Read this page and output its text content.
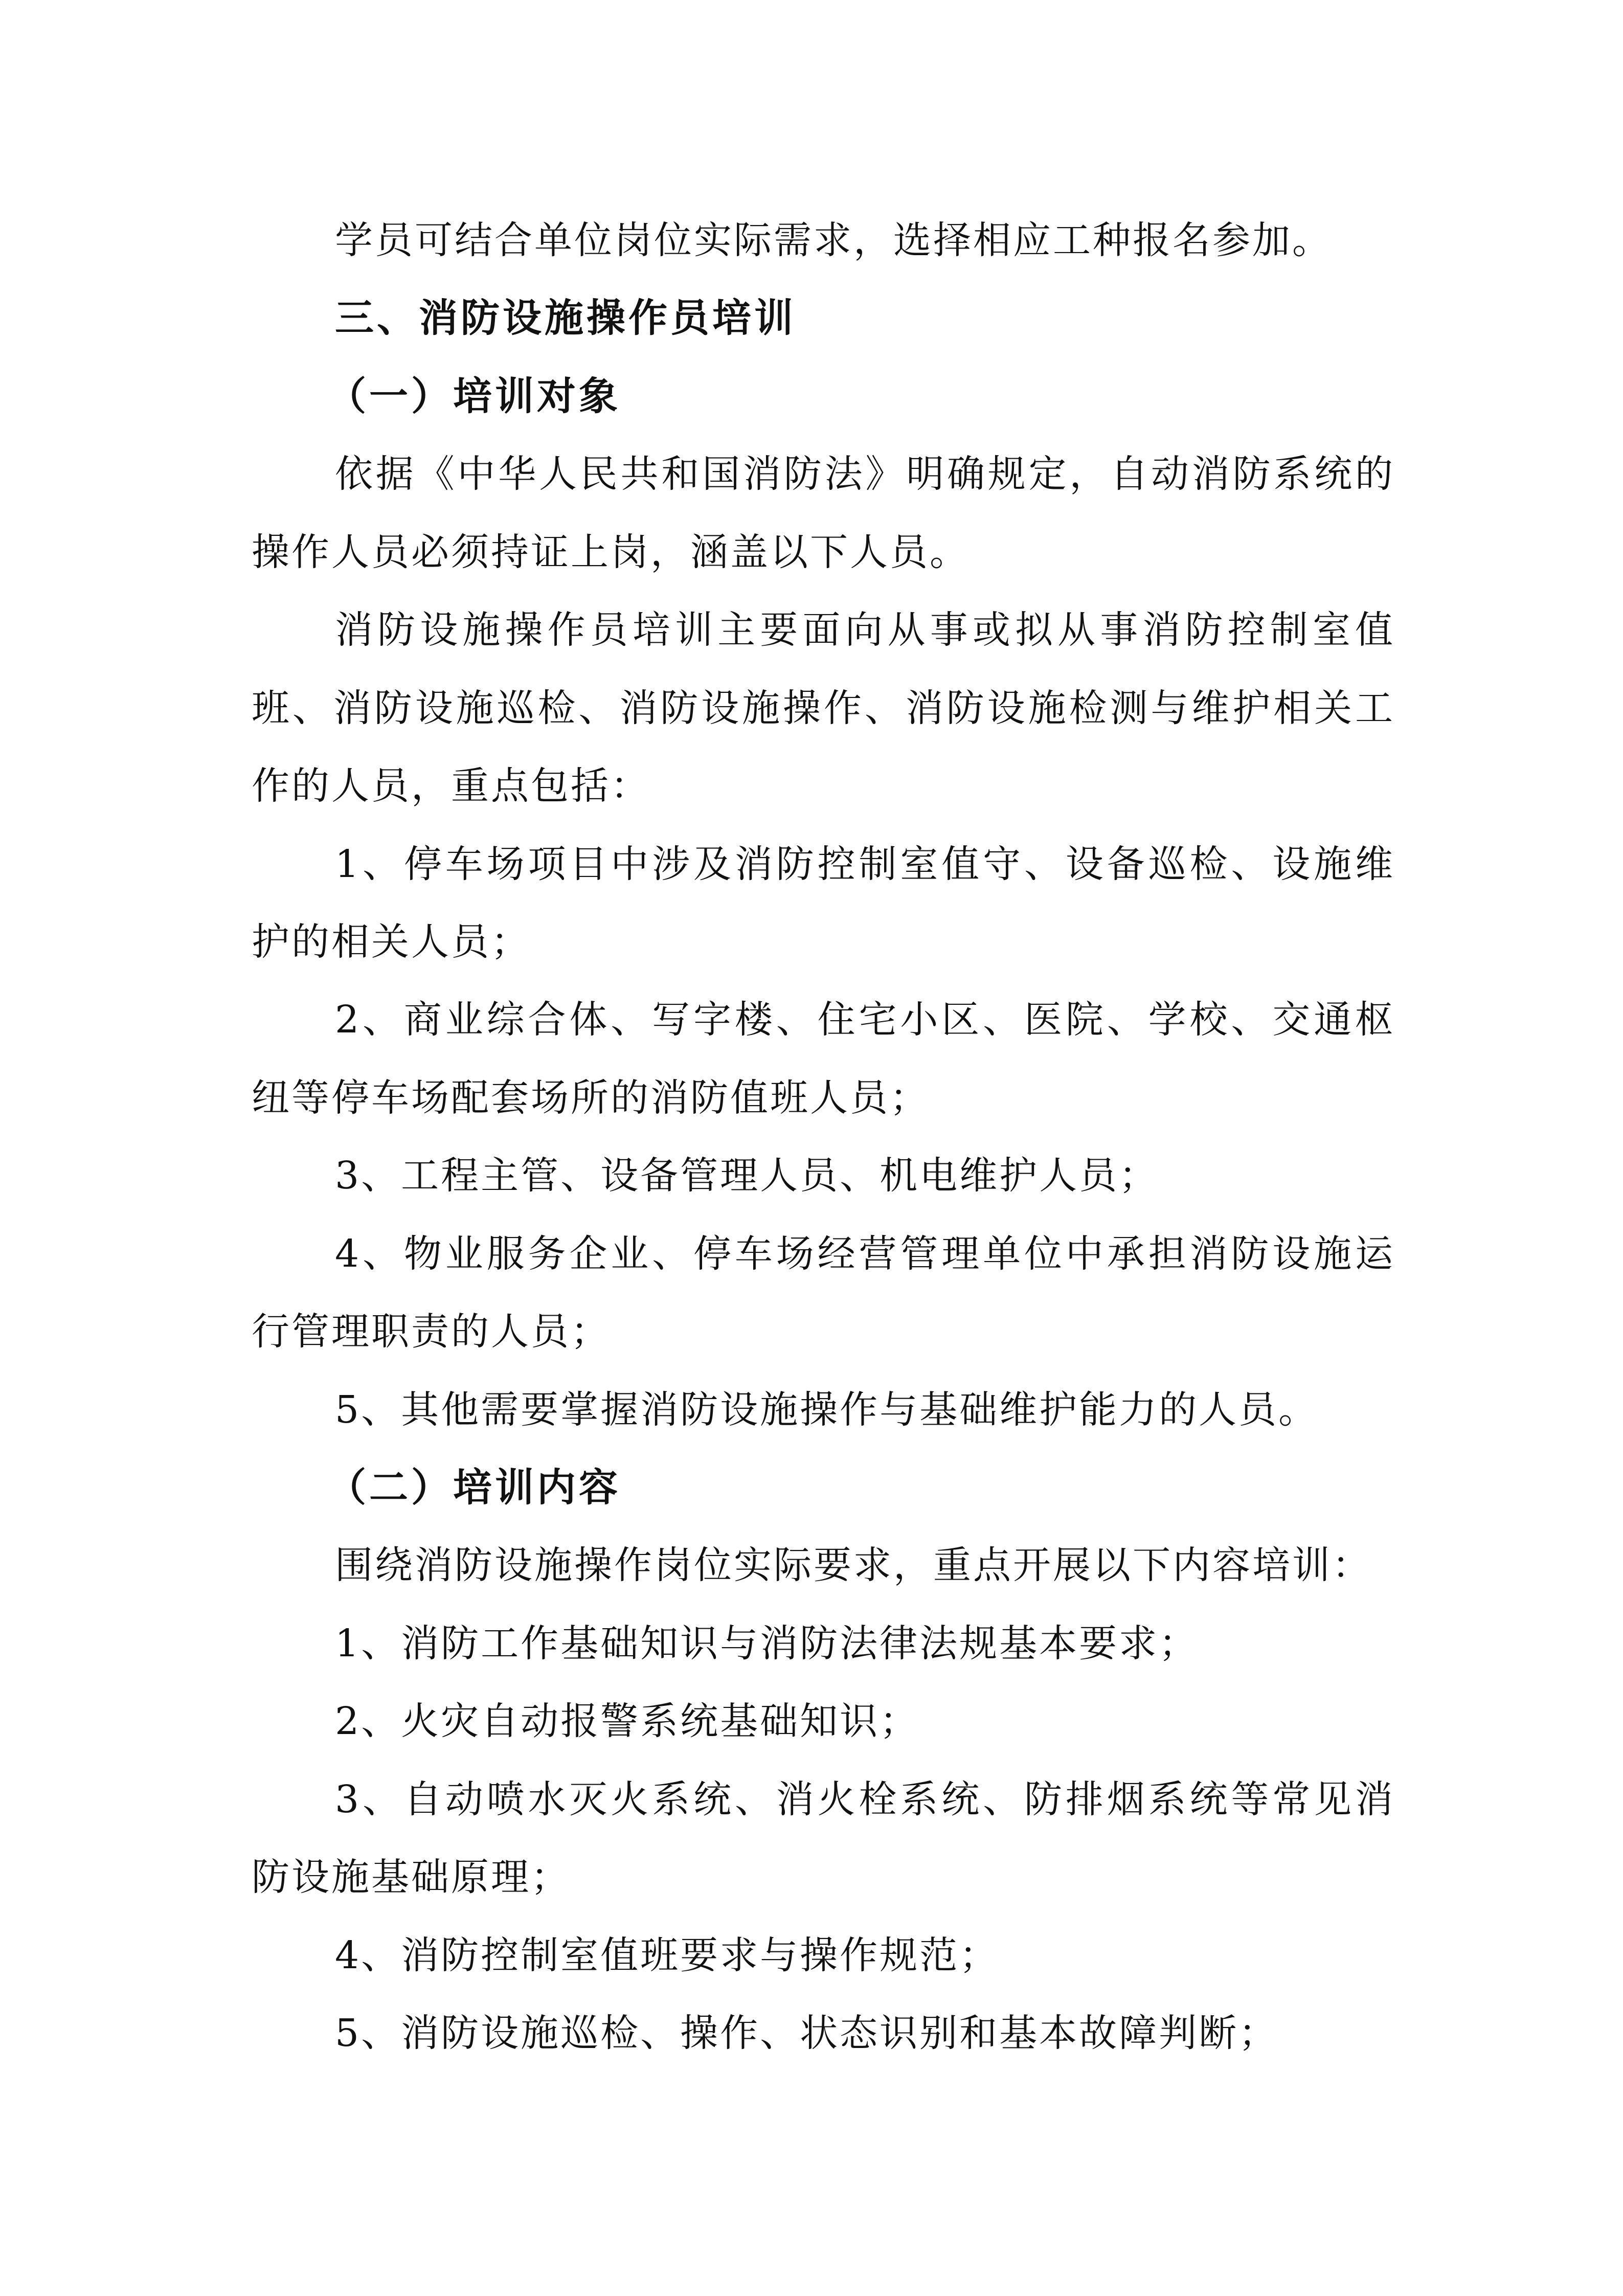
学员可结合单位岗位实际需求，选择相应工种报名参加。
三、消防设施操作员培训
（一）培训对象
依据《中华人民共和国消防法》明确规定，自动消防系统的
操作人员必须持证上岗，涵盖以下人员。
消防设施操作员培训主要面向从事或拟从事消防控制室值
班、消防设施巡检、消防设施操作、消防设施检测与维护相关工
作的人员，重点包括：
1、停车场项目中涉及消防控制室值守、设备巡检、设施维
护的相关人员；
2、商业综合体、写字楼、住宅小区、医院、学校、交通枢
纽等停车场配套场所的消防值班人员；
3、工程主管、设备管理人员、机电维护人员；
4、物业服务企业、停车场经营管理单位中承担消防设施运
行管理职责的人员；
5、其他需要掌握消防设施操作与基础维护能力的人员。
（二）培训内容
围绕消防设施操作岗位实际要求，重点开展以下内容培训：
1、消防工作基础知识与消防法律法规基本要求；
2、火灾自动报警系统基础知识；
3、自动喷水灭火系统、消火栓系统、防排烟系统等常见消
防设施基础原理；
4、消防控制室值班要求与操作规范；
5、消防设施巡检、操作、状态识别和基本故障判断；
